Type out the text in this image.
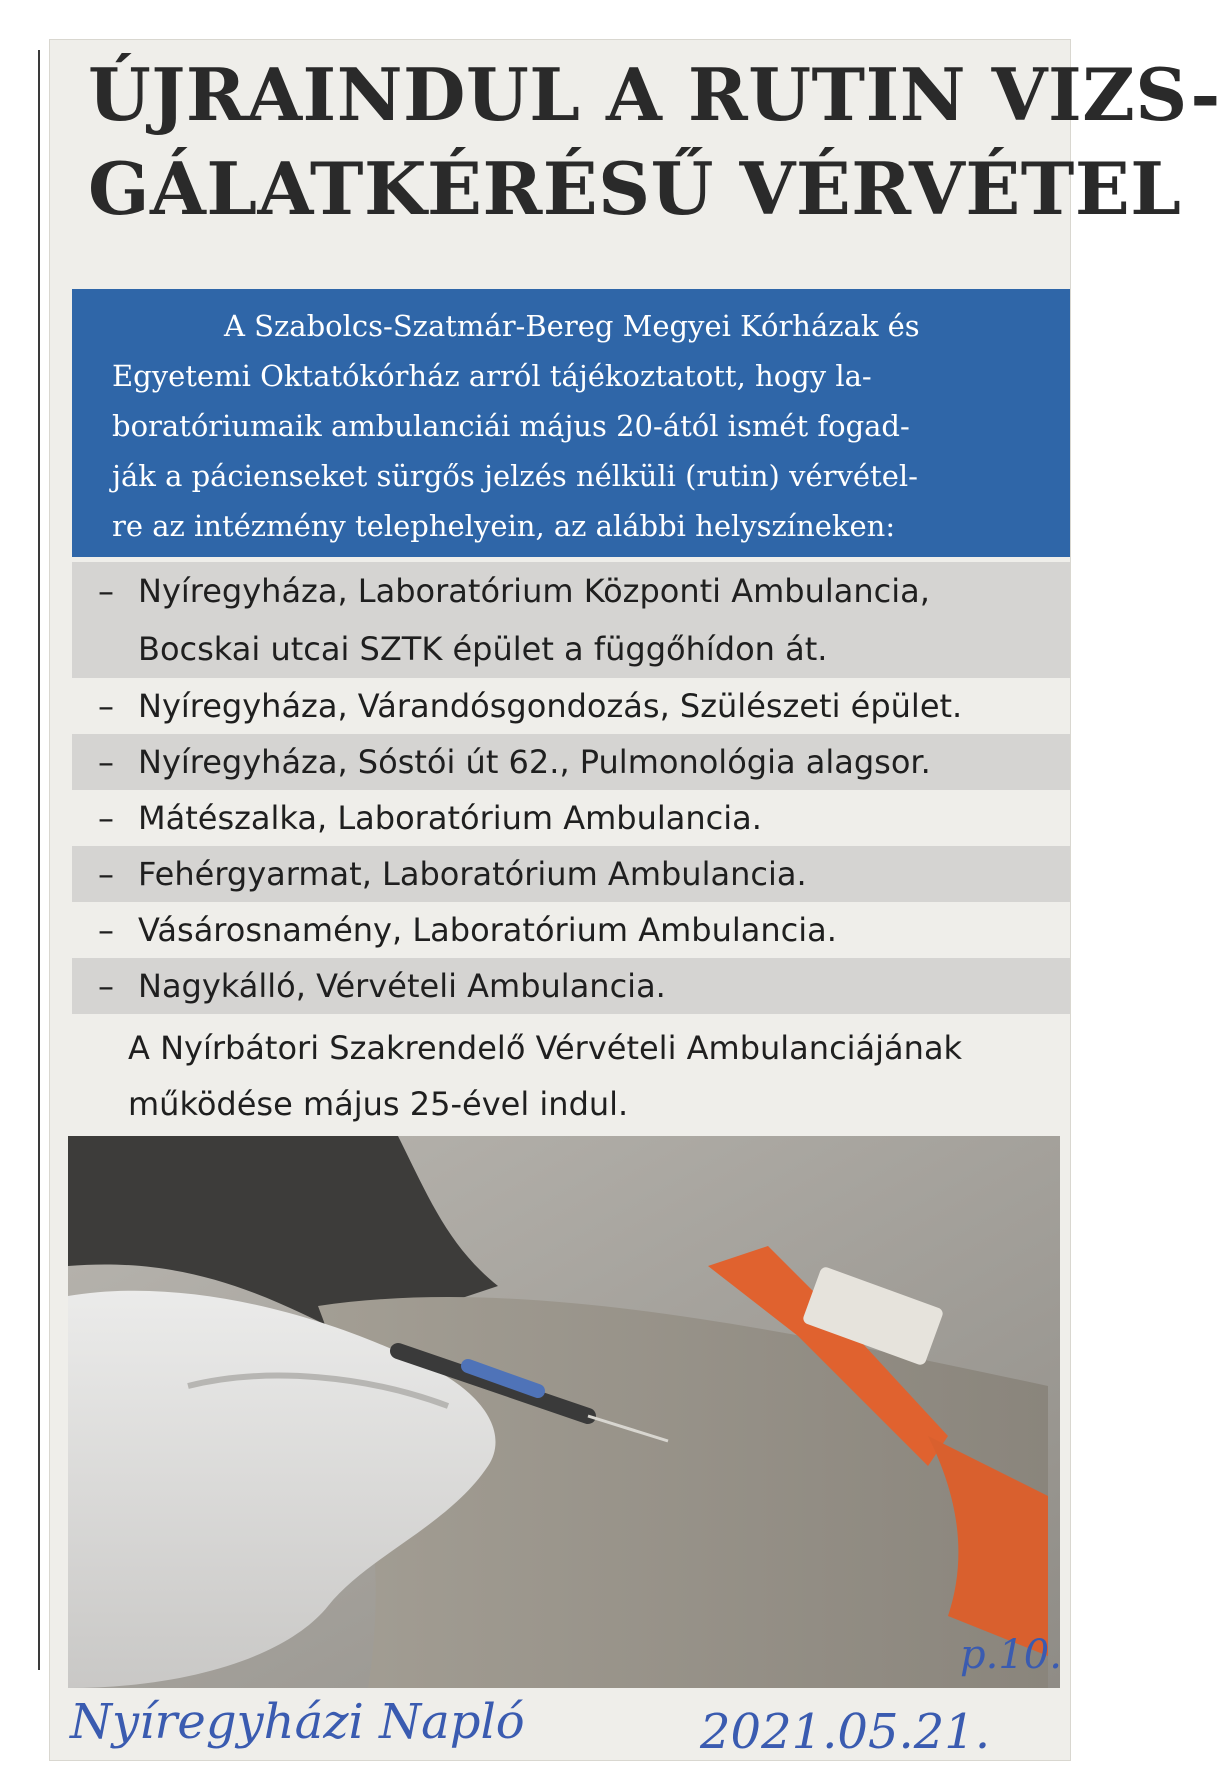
ÚJRAINDUL A RUTIN VIZS-
GÁLATKÉRÉSŰ VÉRVÉTEL
A Szabolcs-Szatmár-Bereg Megyei Kórházak és
Egyetemi Oktatókórház arról tájékoztatott, hogy la-
boratóriumaik ambulanciái május 20-ától ismét fogad-
ják a pácienseket sürgős jelzés nélküli (rutin) vérvétel-
re az intézmény telephelyein, az alábbi helyszíneken:
– Nyíregyháza, Laboratórium Központi Ambulancia,
Bocskai utcai SZTK épület a függőhídon át.
– Nyíregyháza, Várandósgondozás, Szülészeti épület.
– Nyíregyháza, Sóstói út 62., Pulmonológia alagsor.
– Mátészalka, Laboratórium Ambulancia.
– Fehérgyarmat, Laboratórium Ambulancia.
– Vásárosnamény, Laboratórium Ambulancia.
– Nagykálló, Vérvételi Ambulancia.

A Nyírbátori Szakrendelő Vérvételi Ambulanciájának
működése május 25-ével indul.

p.10.
Nyíregyházi Napló	2021.05.21.
